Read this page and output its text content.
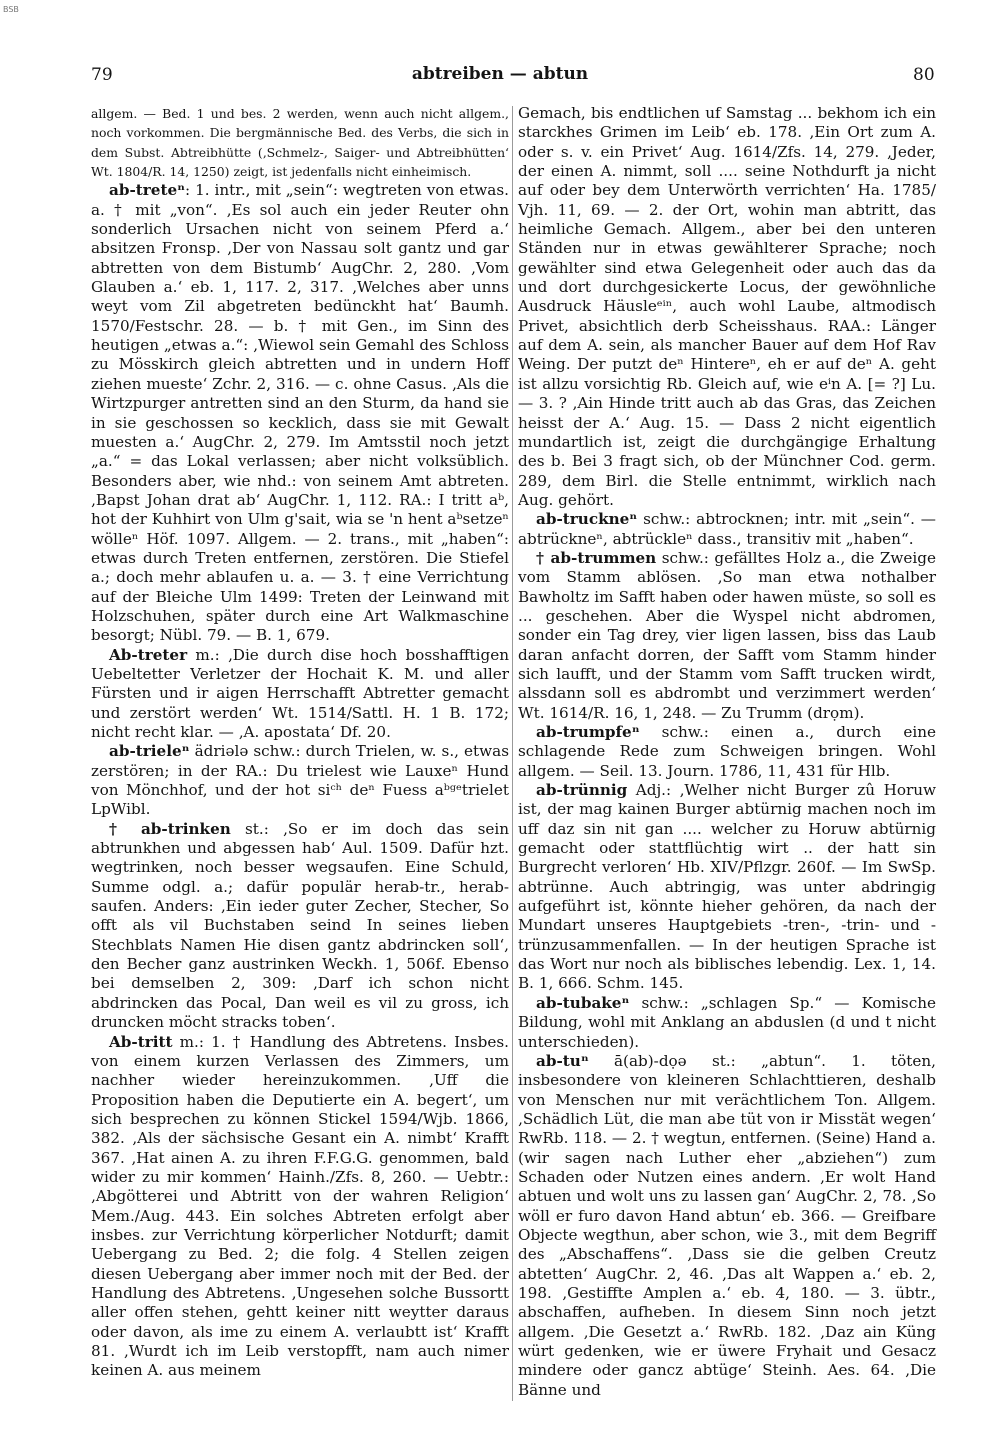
BSB
79	abtreiben — abtun	80

allgem. — Bed. 1 und bes. 2 werden, wenn auch nicht allgem., noch vorkommen. Die bergmännische Bed. des Verbs, die sich in dem Subst. Abtreibhütte (‚Schmelz-, Saiger- und Abtreibhütten‘ Wt. 1804/R. 14, 1250) zeigt, ist jedenfalls nicht einheimisch.

ab-treteⁿ: 1. intr., mit „sein“: wegtreten von etwas. a. † mit „von“. ‚Es sol auch ein jeder Reuter ohn sonderlich Ursachen nicht von seinem Pferd a.‘ absitzen Fronsp. ‚Der von Nassau solt gantz und gar abtretten von dem Bistumb‘ AugChr. 2, 280. ‚Vom Glauben a.‘ eb. 1, 117. 2, 317. ‚Welches aber unns weyt vom Zil abgetreten bedünckht hat‘ Baumh. 1570/Festschr. 28. — b. † mit Gen., im Sinn des heutigen „etwas a.“: ‚Wiewol sein Gemahl des Schloss zu Mösskirch gleich abtretten und in undern Hoff ziehen mueste‘ Zchr. 2, 316. — c. ohne Casus. ‚Als die Wirtzpurger antretten sind an den Sturm, da hand sie in sie geschossen so kecklich, dass sie mit Gewalt muesten a.‘ AugChr. 2, 279. Im Amtsstil noch jetzt „a.“ = das Lokal verlassen; aber nicht volksüblich. Besonders aber, wie nhd.: von seinem Amt abtreten. ‚Bapst Johan drat ab‘ AugChr. 1, 112. RA.: I tritt aᵇ, hot der Kuhhirt von Ulm g'sait, wia se 'n hent aᵇsetzeⁿ wölleⁿ Höf. 1097. Allgem. — 2. trans., mit „haben“: etwas durch Treten entfernen, zerstören. Die Stiefel a.; doch mehr ablaufen u. a. — 3. † eine Verrichtung auf der Bleiche Ulm 1499: Treten der Leinwand mit Holzschuhen, später durch eine Art Walkmaschine besorgt; Nübl. 79. — B. 1, 679.

Ab-treter m.: ‚Die durch dise hoch bosshafftigen Uebeltetter Verletzer der Hochait K. M. und aller Fürsten und ir aigen Herrschafft Abtretter gemacht und zerstört werden‘ Wt. 1514/Sattl. H. 1 B. 172; nicht recht klar. — ‚A. apostata‘ Df. 20.

ab-trieleⁿ ädriələ schw.: durch Trielen, w. s., etwas zerstören; in der RA.: Du trielest wie Lauxeⁿ Hund von Mönchhof, und der hot siᶜʰ deⁿ Fuess aᵇᵍᵉtrielet LpWibl.

† ab-trinken st.: ‚So er im doch das sein abtrunkhen und abgessen hab‘ Aul. 1509. Dafür hzt. wegtrinken, noch besser wegsaufen. Eine Schuld, Summe odgl. a.; dafür populär herab-tr., herab-saufen. Anders: ‚Ein ieder guter Zecher, Stecher, So offt als vil Buchstaben seind In seines lieben Stechblats Namen Hie disen gantz abdrincken soll‘, den Becher ganz austrinken Weckh. 1, 506f. Ebenso bei demselben 2, 309: ‚Darf ich schon nicht abdrincken das Pocal, Dan weil es vil zu gross, ich druncken möcht stracks toben‘.

Ab-tritt m.: 1. † Handlung des Abtretens. Insbes. von einem kurzen Verlassen des Zimmers, um nachher wieder hereinzukommen. ‚Uff die Proposition haben die Deputierte ein A. begert‘, um sich besprechen zu können Stickel 1594/Wjb. 1866, 382. ‚Als der sächsische Gesant ein A. nimbt‘ Krafft 367. ‚Hat ainen A. zu ihren F.F.G.G. genommen, bald wider zu mir kommen‘ Hainh./Zfs. 8, 260. — Uebtr.: ‚Abgötterei und Abtritt von der wahren Religion‘ Mem./Aug. 443. Ein solches Abtreten erfolgt aber insbes. zur Verrichtung körperlicher Notdurft; damit Uebergang zu Bed. 2; die folg. 4 Stellen zeigen diesen Uebergang aber immer noch mit der Bed. der Handlung des Abtretens. ‚Ungesehen solche Bussortt aller offen stehen, gehtt keiner nitt weytter daraus oder davon, als ime zu einem A. verlaubtt ist‘ Krafft 81. ‚Wurdt ich im Leib verstopfft, nam auch nimer keinen A. aus meinem

Gemach, bis endtlichen uf Samstag ... bekhom ich ein starckhes Grimen im Leib‘ eb. 178. ‚Ein Ort zum A. oder s. v. ein Privet‘ Aug. 1614/Zfs. 14, 279. ‚Jeder, der einen A. nimmt, soll .... seine Nothdurft ja nicht auf oder bey dem Unterwörth verrichten‘ Ha. 1785/ Vjh. 11, 69. — 2. der Ort, wohin man abtritt, das heimliche Gemach. Allgem., aber bei den unteren Ständen nur in etwas gewählterer Sprache; noch gewählter sind etwa Gelegenheit oder auch das da und dort durchgesickerte Locus, der gewöhnliche Ausdruck Häusleᵉⁱⁿ, auch wohl Laube, altmodisch Privet, absichtlich derb Scheisshaus. RAA.: Länger auf dem A. sein, als mancher Bauer auf dem Hof Rav Weing. Der putzt deⁿ Hintereⁿ, eh er auf deⁿ A. geht ist allzu vorsichtig Rb. Gleich auf, wie eⁱn A. [= ?] Lu. — 3. ? ‚Ain Hinde tritt auch ab das Gras, das Zeichen heisst der A.‘ Aug. 15. — Dass 2 nicht eigentlich mundartlich ist, zeigt die durchgängige Erhaltung des b. Bei 3 fragt sich, ob der Münchner Cod. germ. 289, dem Birl. die Stelle entnimmt, wirklich nach Aug. gehört.

ab-truckneⁿ schw.: abtrocknen; intr. mit „sein“. — abtrückneⁿ, abtrückleⁿ dass., transitiv mit „haben“.

† ab-trummen schw.: gefälltes Holz a., die Zweige vom Stamm ablösen. ‚So man etwa nothalber Bawholtz im Safft haben oder hawen müste, so soll es ... geschehen. Aber die Wyspel nicht abdromen, sonder ein Tag drey, vier ligen lassen, biss das Laub daran anfacht dorren, der Safft vom Stamm hinder sich laufft, und der Stamm vom Safft trucken wirdt, alssdann soll es abdrombt und verzimmert werden‘ Wt. 1614/R. 16, 1, 248. — Zu Trumm (drọm).

ab-trumpfeⁿ schw.: einen a., durch eine schlagende Rede zum Schweigen bringen. Wohl allgem. — Seil. 13. Journ. 1786, 11, 431 für Hlb.

ab-trünnig Adj.: ‚Welher nicht Burger zû Horuw ist, der mag kainen Burger abtürnig machen noch im uff daz sin nit gan .... welcher zu Horuw abtürnig gemacht oder stattflüchtig wirt .. der hatt sin Burgrecht verloren‘ Hb. XIV/Pflzgr. 260f. — Im SwSp. abtrünne. Auch abtringig, was unter abdringig aufgeführt ist, könnte hieher gehören, da nach der Mundart unseres Hauptgebiets -tren-, -trin- und -trünzusammenfallen. — In der heutigen Sprache ist das Wort nur noch als biblisches lebendig. Lex. 1, 14. B. 1, 666. Schm. 145.

ab-tubakeⁿ schw.: „schlagen Sp.“ — Komische Bildung, wohl mit Anklang an abduslen (d und t nicht unterschieden).

ab-tuⁿ ā(ab)-dọə st.: „abtun“. 1. töten, insbesondere von kleineren Schlachttieren, deshalb von Menschen nur mit verächtlichem Ton. Allgem. ‚Schädlich Lüt, die man abe tüt von ir Misstät wegen‘ RwRb. 118. — 2. † wegtun, entfernen. (Seine) Hand a. (wir sagen nach Luther eher „abziehen“) zum Schaden oder Nutzen eines andern. ‚Er wolt Hand abtuen und wolt uns zu lassen gan‘ AugChr. 2, 78. ‚So wöll er furo davon Hand abtun‘ eb. 366. — Greifbare Objecte wegthun, aber schon, wie 3., mit dem Begriff des „Abschaffens“. ‚Dass sie die gelben Creutz abtetten‘ AugChr. 2, 46. ‚Das alt Wappen a.‘ eb. 2, 198. ‚Gestiffte Amplen a.‘ eb. 4, 180. — 3. übtr., abschaffen, aufheben. In diesem Sinn noch jetzt allgem. ‚Die Gesetzt a.‘ RwRb. 182. ‚Daz ain Küng würt gedenken, wie er üwere Fryhait und Gesacz mindere oder gancz abtüge‘ Steinh. Aes. 64. ‚Die Bänne und
